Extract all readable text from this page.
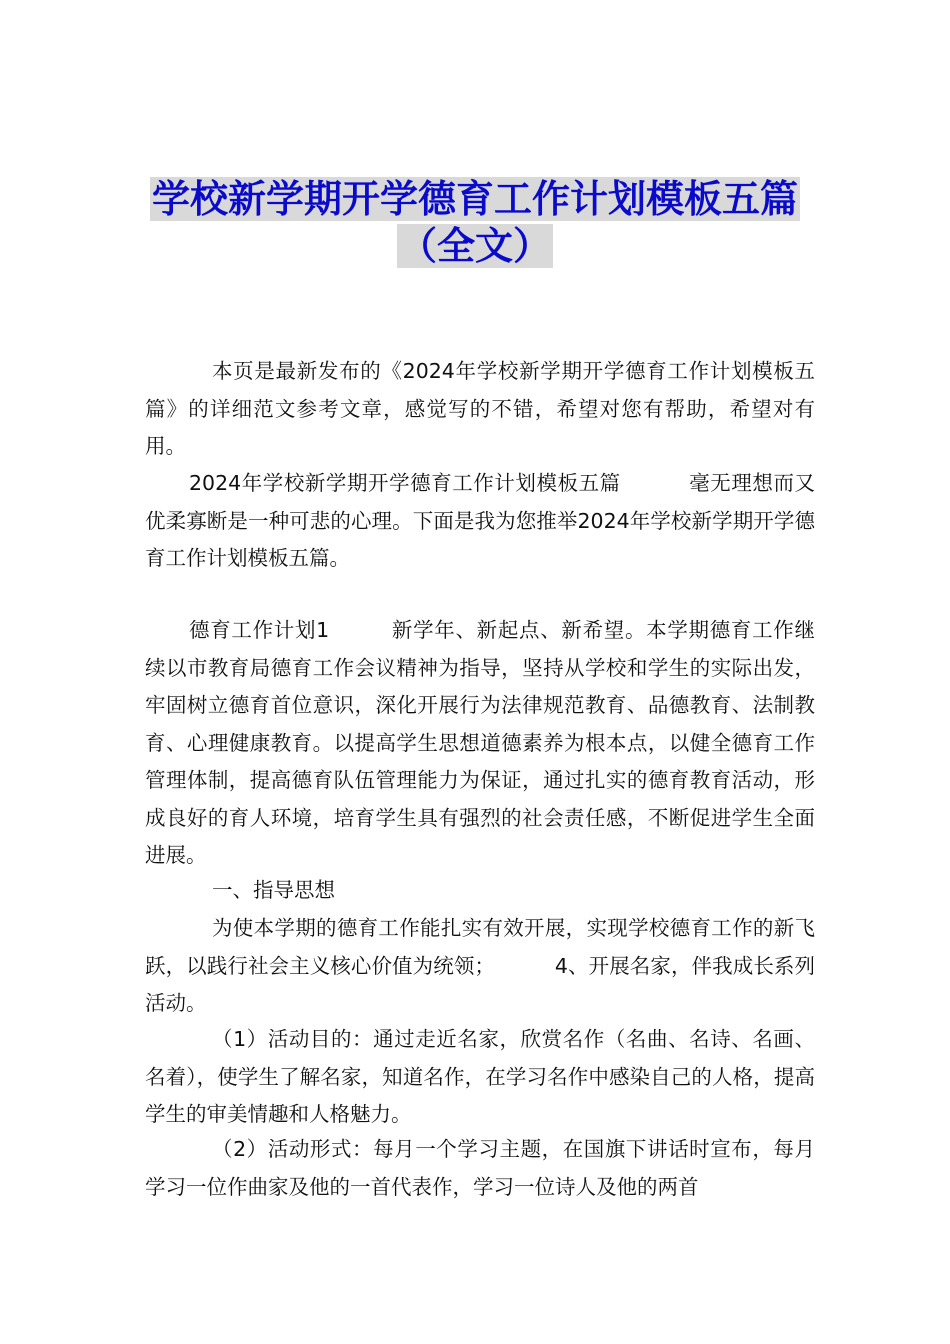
学校新学期开学德育工作计划模板五篇
（全文）
本页是最新发布的《2024年学校新学期开学德育工作计划模板五篇》的详细范文参考文章，感觉写的不错，希望对您有帮助，希望对有用。
2024年学校新学期开学德育工作计划模板五篇	毫无理想而又优柔寡断是一种可悲的心理。下面是我为您推举2024年学校新学期开学德育工作计划模板五篇。
德育工作计划1	新学年、新起点、新希望。本学期德育工作继续以市教育局德育工作会议精神为指导，坚持从学校和学生的实际出发，牢固树立德育首位意识，深化开展行为法律规范教育、品德教育、法制教育、心理健康教育。以提高学生思想道德素养为根本点，以健全德育工作管理体制，提高德育队伍管理能力为保证，通过扎实的德育教育活动，形成良好的育人环境，培育学生具有强烈的社会责任感，不断促进学生全面进展。
一、指导思想
为使本学期的德育工作能扎实有效开展，实现学校德育工作的新飞跃，以践行社会主义核心价值为统领；	4、开展名家，伴我成长系列活动。
（1）活动目的：通过走近名家，欣赏名作（名曲、名诗、名画、名着），使学生了解名家，知道名作，在学习名作中感染自己的人格，提高学生的审美情趣和人格魅力。
（2）活动形式：每月一个学习主题，在国旗下讲话时宣布，每月学习一位作曲家及他的一首代表作，学习一位诗人及他的两首
